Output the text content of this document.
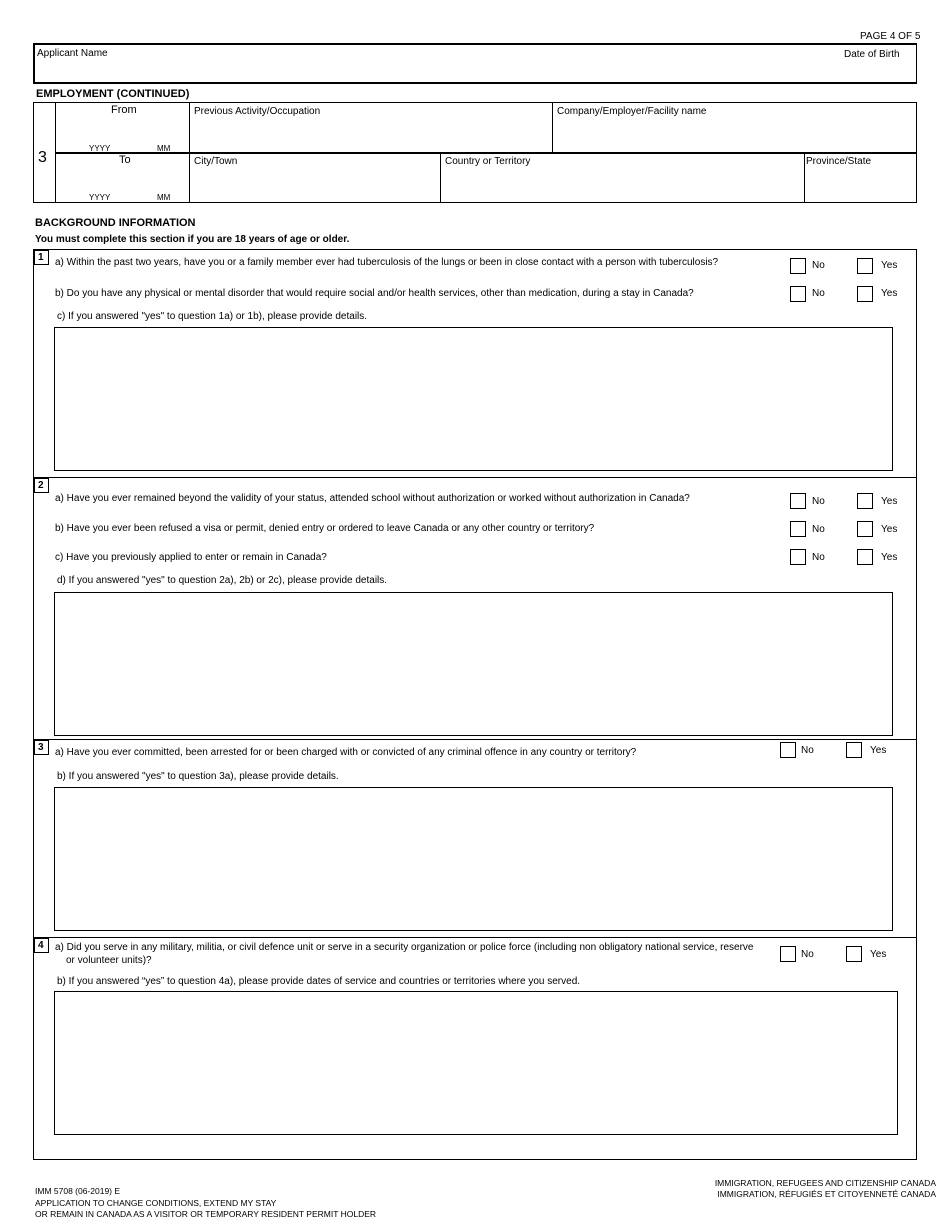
PAGE 4 OF 5
Applicant Name	Date of Birth
EMPLOYMENT (CONTINUED)
3
From
YYYY	MM
To
YYYY	MM
Previous Activity/Occupation	Company/Employer/Facility name
City/Town	Country or Territory	Province/State
BACKGROUND INFORMATION
You must complete this section if you are 18 years of age or older.
1	a) Within the past two years, have you or a family member ever had tuberculosis of the lungs or been in close contact with a person with tuberculosis?	No	Yes
b) Do you have any physical or mental disorder that would require social and/or health services, other than medication, during a stay in Canada?	No	Yes
c) If you answered "yes" to question 1a) or 1b), please provide details.
2
a) Have you ever remained beyond the validity of your status, attended school without authorization or worked without authorization in Canada?	No	Yes
b) Have you ever been refused a visa or permit, denied entry or ordered to leave Canada or any other country or territory?	No	Yes
c) Have you previously applied to enter or remain in Canada?	No	Yes
d) If you answered "yes" to question 2a), 2b) or 2c), please provide details.
3	a) Have you ever committed, been arrested for or been charged with or convicted of any criminal offence in any country or territory?	No	Yes
b) If you answered "yes" to question 3a), please provide details.
4	a) Did you serve in any military, militia, or civil defence unit or serve in a security organization or police force (including non obligatory national service, reserve
or volunteer units)?
No	Yes
b) If you answered “yes” to question 4a), please provide dates of service and countries or territories where you served.
IMM 5708 (06-2019) E
APPLICATION TO CHANGE CONDITIONS, EXTEND MY STAY
OR REMAIN IN CANADA AS A VISITOR OR TEMPORARY RESIDENT PERMIT HOLDER
IMMIGRATION, REFUGEES AND CITIZENSHIP CANADA
IMMIGRATION, RÉFUGIÉS ET CITOYENNETÉ CANADA
